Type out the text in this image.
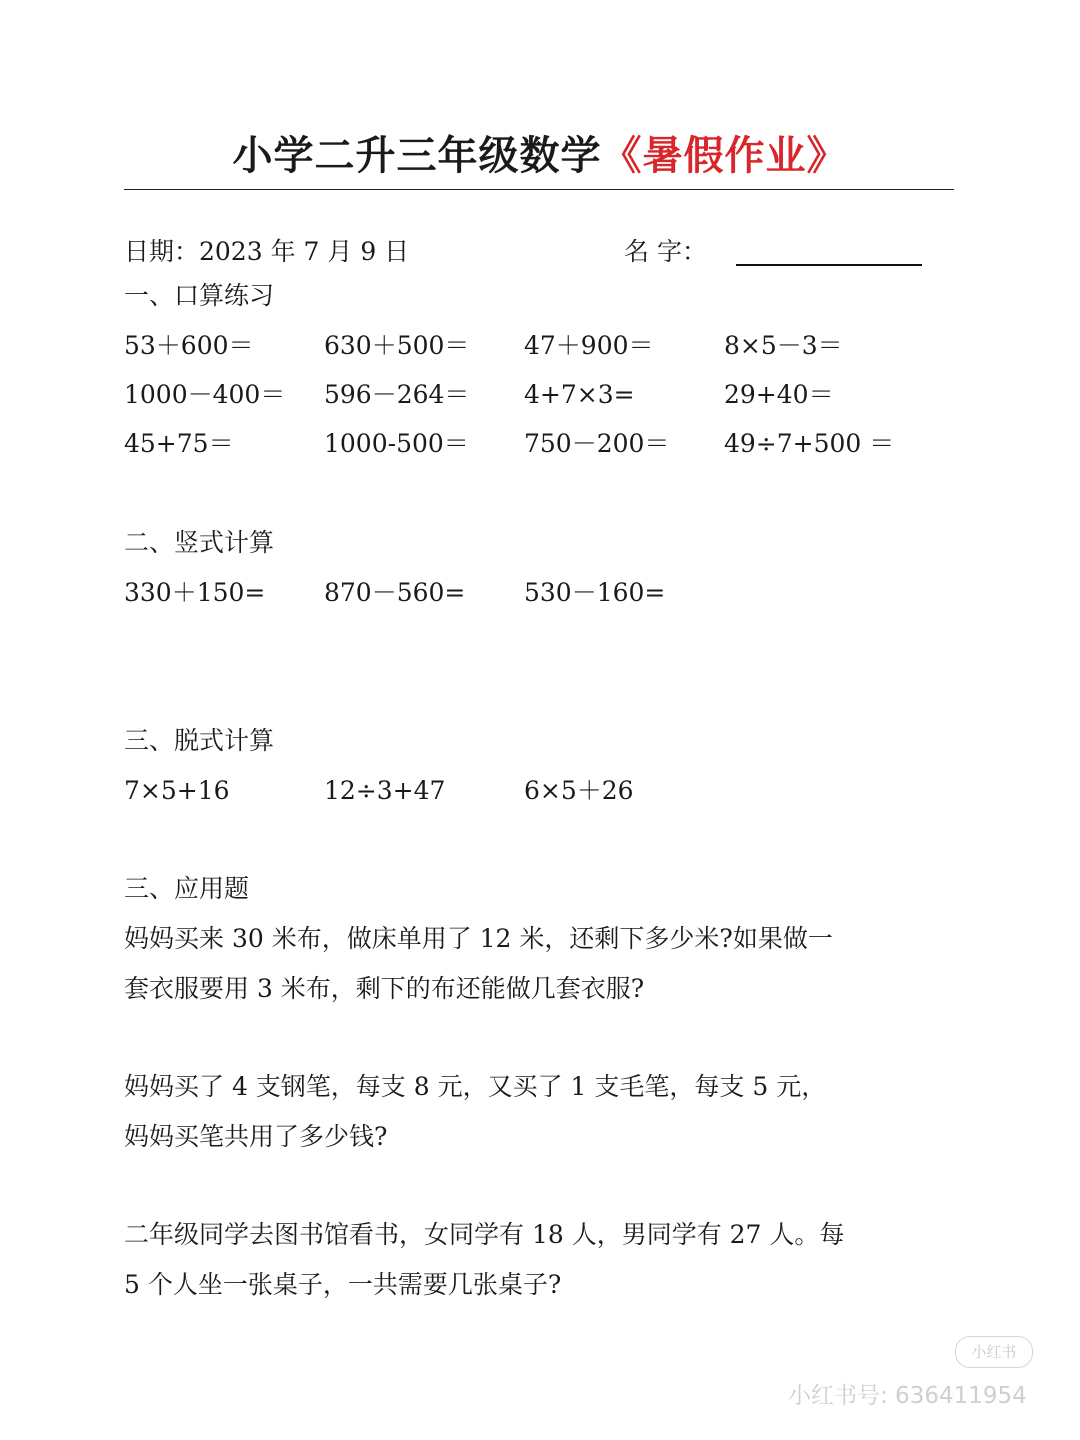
小学二升三年级数学《暑假作业》
日期：2023 年 7 月 9 日	名 字：
一、口算练习
53＋600＝	630＋500＝ 47＋900＝	8×5－3＝
1000－400＝ 596－264＝ 4+7×3=	29+40＝
45+75＝	1000-500＝ 750－200＝ 49÷7+500 ＝
二、竖式计算
330＋150= 870－560= 530－160=
三、脱式计算
7×5+16	12÷3+47	6×5＋26
三、应用题

妈妈买来 30 米布，做床单用了 12 米，还剩下多少米?如果做一

套衣服要用 3 米布，剩下的布还能做几套衣服?

妈妈买了 4 支钢笔，每支 8 元，又买了 1 支毛笔，每支 5 元，

妈妈买笔共用了多少钱?

二年级同学去图书馆看书，女同学有 18 人，男同学有 27 人。每

5 个人坐一张桌子，一共需要几张桌子?

小红书
小红书号: 636411954
